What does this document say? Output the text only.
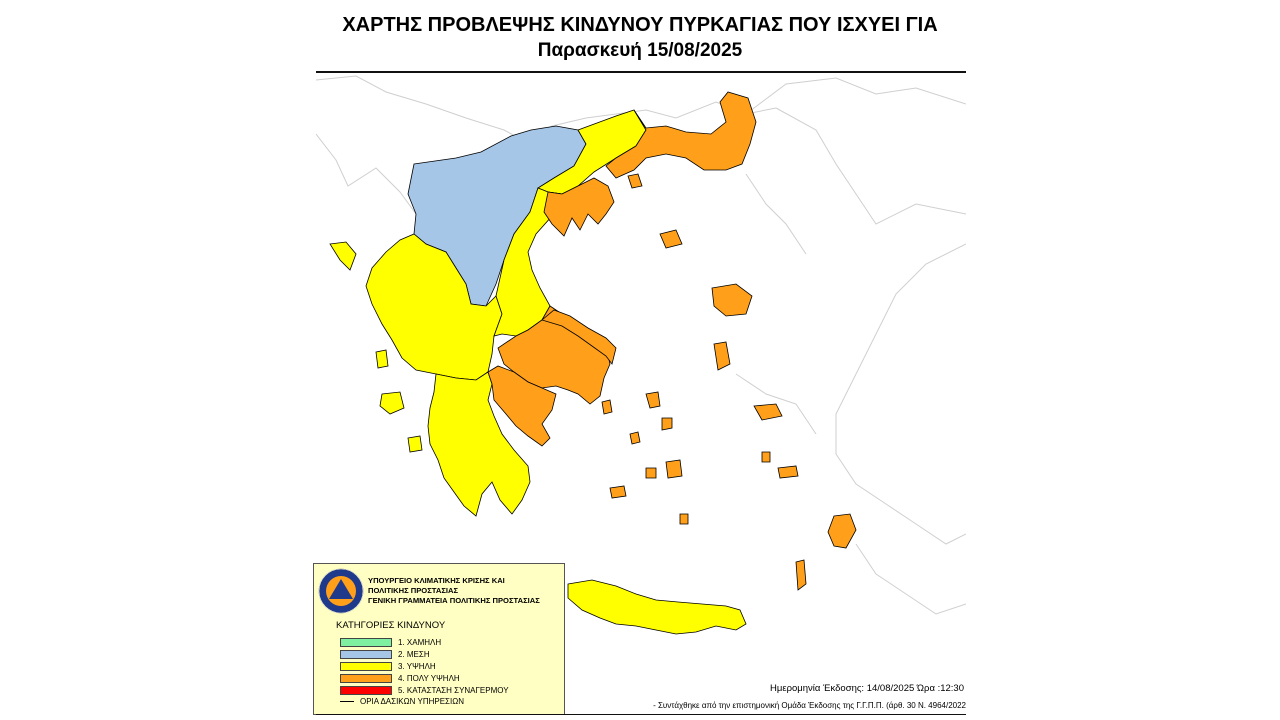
ΧΑΡΤΗΣ ΠΡΟΒΛΕΨΗΣ ΚΙΝΔΥΝΟΥ ΠΥΡΚΑΓΙΑΣ ΠΟΥ ΙΣΧΥΕΙ ΓΙΑ
Παρασκευή 15/08/2025
ΥΠΟΥΡΓΕΙΟ ΚΛΙΜΑΤΙΚΗΣ ΚΡΙΣΗΣ ΚΑΙ
ΠΟΛΙΤΙΚΗΣ ΠΡΟΣΤΑΣΙΑΣ
ΓΕΝΙΚΗ ΓΡΑΜΜΑΤΕΙΑ ΠΟΛΙΤΙΚΗΣ ΠΡΟΣΤΑΣΙΑΣ
ΚΑΤΗΓΟΡΙΕΣ ΚΙΝΔΥΝΟΥ
1. ΧΑΜΗΛΗ
2. ΜΕΣΗ
3. ΥΨΗΛΗ
4. ΠΟΛΥ ΥΨΗΛΗ
5. ΚΑΤΑΣΤΑΣΗ ΣΥΝΑΓΕΡΜΟΥ
ΟΡΙΑ ΔΑΣΙΚΩΝ ΥΠΗΡΕΣΙΩΝ
Ημερομηνία Έκδοσης: 14/08/2025 Ώρα :12:30
- Συντάχθηκε από την επιστημονική Ομάδα Έκδοσης της Γ.Γ.Π.Π. (άρθ. 30 Ν. 4964/2022
